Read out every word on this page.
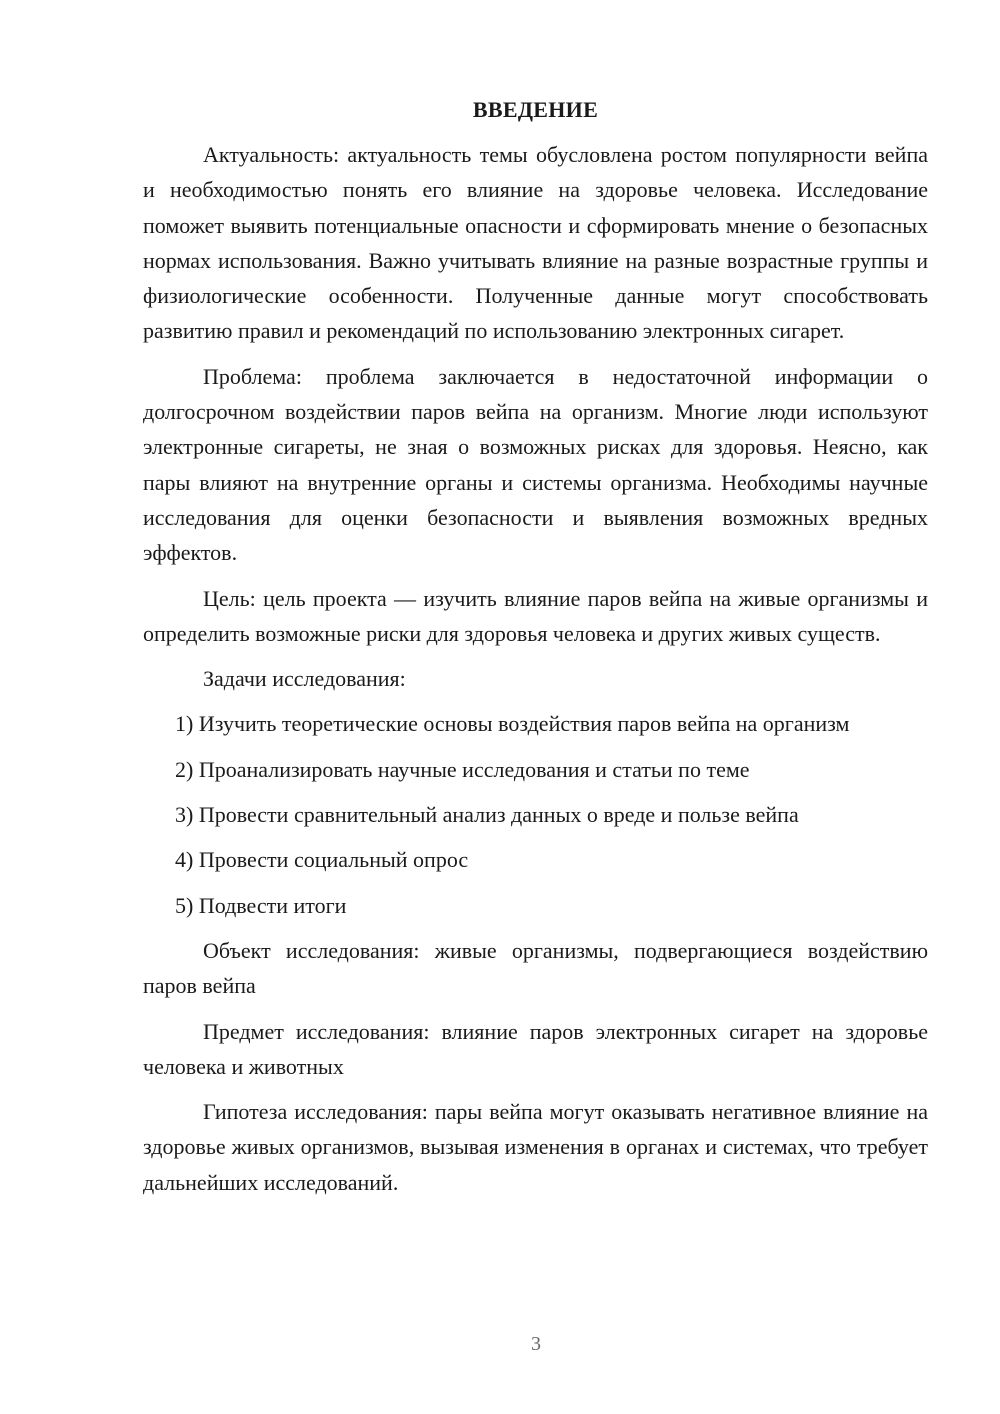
ВВЕДЕНИЕ

Актуальность: актуальность темы обусловлена ростом популярности вейпа и необходимостью понять его влияние на здоровье человека. Исследование поможет выявить потенциальные опасности и сформировать мнение о безопасных нормах использования. Важно учитывать влияние на разные возрастные группы и физиологические особенности. Полученные данные могут способствовать развитию правил и рекомендаций по использованию электронных сигарет.

Проблема: проблема заключается в недостаточной информации о долгосрочном воздействии паров вейпа на организм. Многие люди используют электронные сигареты, не зная о возможных рисках для здоровья. Неясно, как пары влияют на внутренние органы и системы организма. Необходимы научные исследования для оценки безопасности и выявления возможных вредных эффектов.

Цель: цель проекта — изучить влияние паров вейпа на живые организмы и определить возможные риски для здоровья человека и других живых существ.

Задачи исследования:

1) Изучить теоретические основы воздействия паров вейпа на организм

2) Проанализировать научные исследования и статьи по теме

3) Провести сравнительный анализ данных о вреде и пользе вейпа

4) Провести социальный опрос

5) Подвести итоги

Объект исследования: живые организмы, подвергающиеся воздействию паров вейпа

Предмет исследования: влияние паров электронных сигарет на здоровье человека и животных

Гипотеза исследования: пары вейпа могут оказывать негативное влияние на здоровье живых организмов, вызывая изменения в органах и системах, что требует дальнейших исследований.

3
